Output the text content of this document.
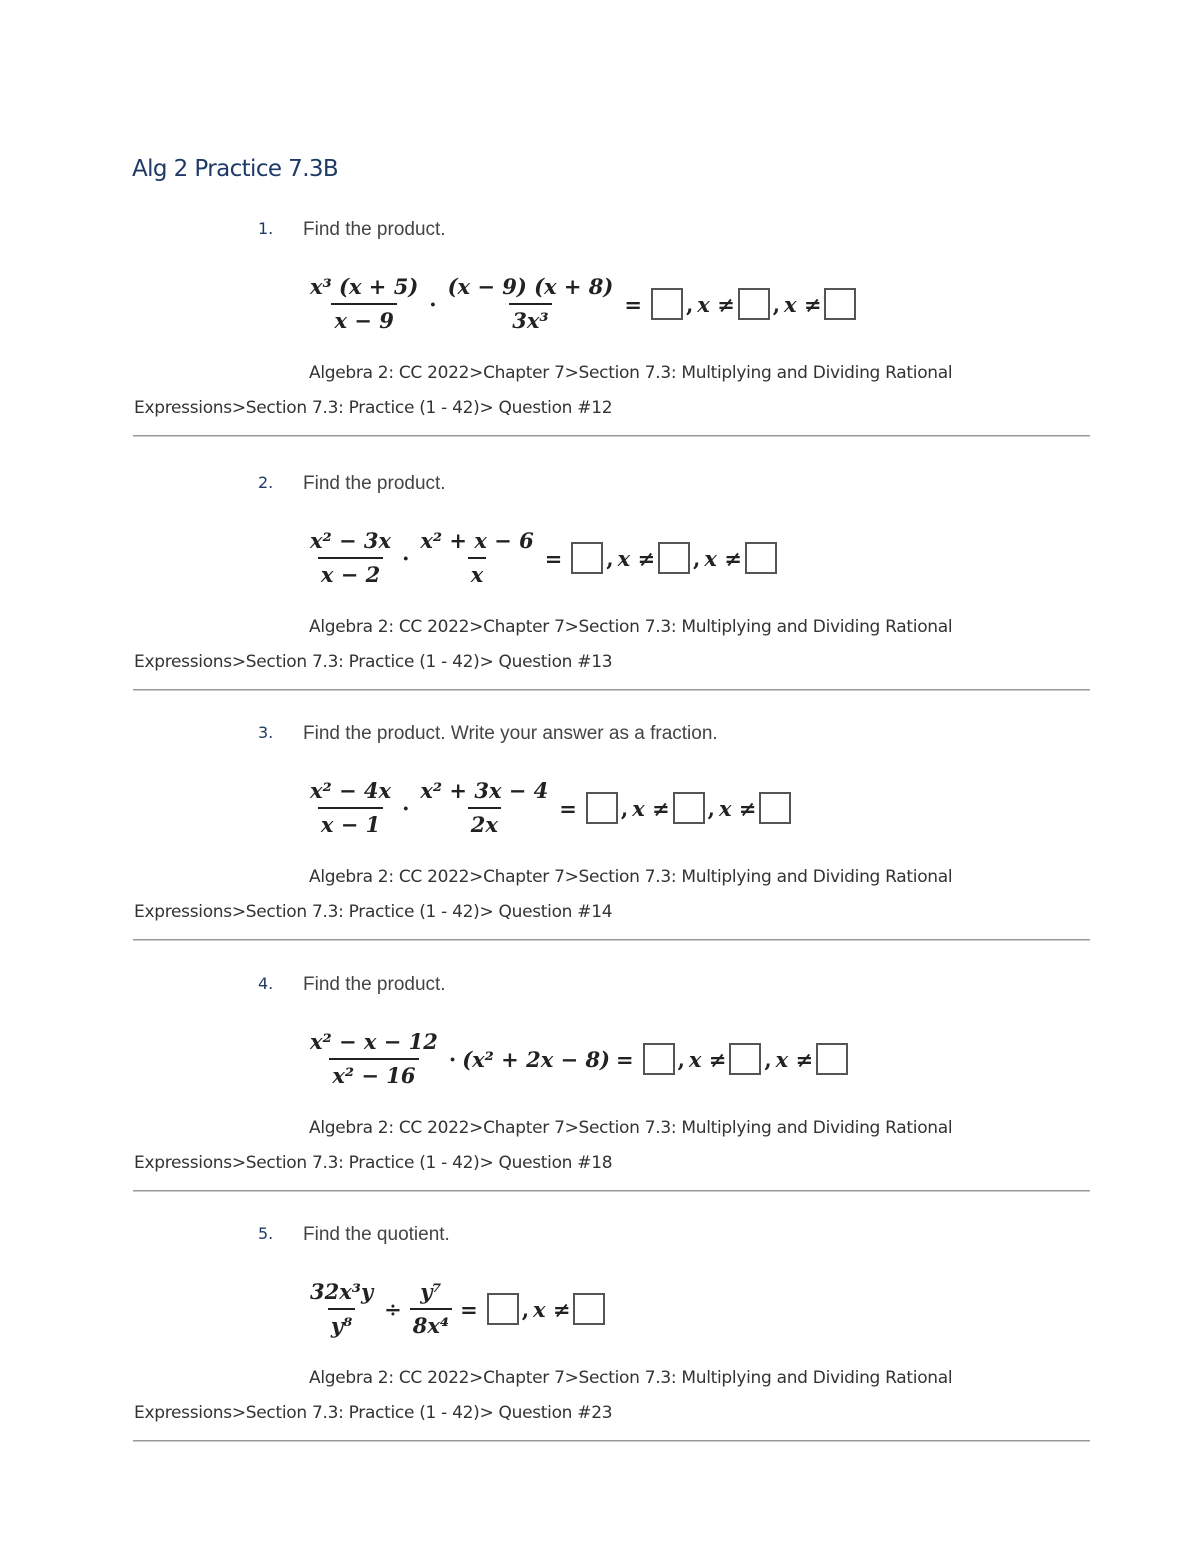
Alg 2 Practice 7.3B
1. Find the product.
$\frac{\text{x³ (x + 5)}}{x - 9} \cdot \frac{(x - 9) (x + 8)}{\text{3x³}}$ = , x ≠ , x ≠
Algebra 2: CC 2022>Chapter 7>Section 7.3: Multiplying and Dividing Rational
Expressions>Section 7.3: Practice (1 - 42)> Question #12
2. Find the product.
$\frac{\text{x² − 3x}}{x - 2} \cdot \frac{\text{x² + x − 6}}{x}$ = , x ≠ , x ≠
Algebra 2: CC 2022>Chapter 7>Section 7.3: Multiplying and Dividing Rational
Expressions>Section 7.3: Practice (1 - 42)> Question #13
3. Find the product. Write your answer as a fraction.
$\frac{\text{x² − 4x}}{x - 1} \cdot \frac{\text{x² + 3x − 4}}{2x}$ = , x ≠ , x ≠
Algebra 2: CC 2022>Chapter 7>Section 7.3: Multiplying and Dividing Rational
Expressions>Section 7.3: Practice (1 - 42)> Question #14
4. Find the product.
$\frac{\text{x² − x − 12}}{\text{x² − 16}} \cdot (x^2 + 2x - 8)$ = , x ≠ , x ≠
Algebra 2: CC 2022>Chapter 7>Section 7.3: Multiplying and Dividing Rational
Expressions>Section 7.3: Practice (1 - 42)> Question #18
5. Find the quotient.
$\frac{\text{32x³y}}{\text{y⁸}} \div \frac{\text{y⁷}}{\text{8x⁴}}$ = , x ≠
Algebra 2: CC 2022>Chapter 7>Section 7.3: Multiplying and Dividing Rational
Expressions>Section 7.3: Practice (1 - 42)> Question #23
